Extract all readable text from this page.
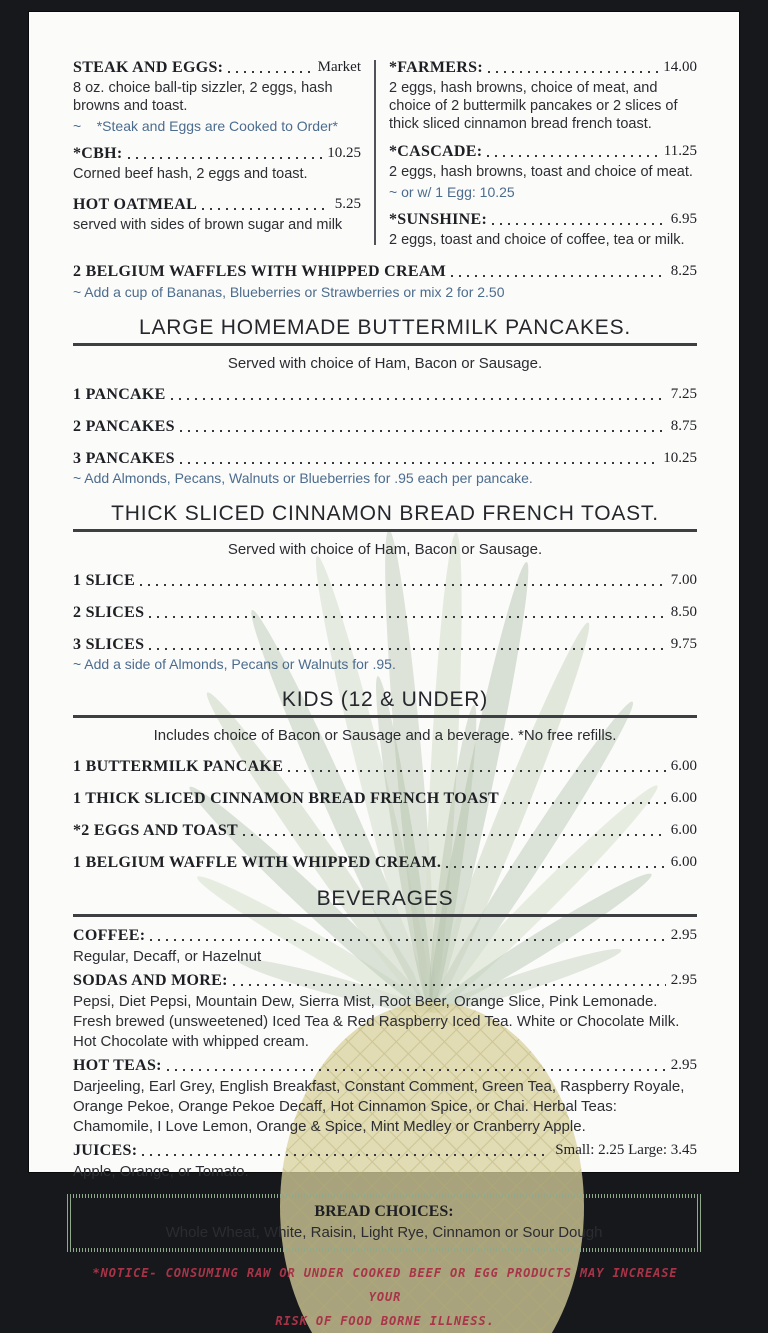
STEAK AND EGGS:	Market
8 oz. choice ball-tip sizzler, 2 eggs, hash browns and toast.
~    *Steak and Eggs are Cooked to Order*
*CBH:	10.25
Corned beef hash, 2 eggs and toast.
HOT OATMEAL	5.25
served with sides of brown sugar and milk
*FARMERS:	14.00
2 eggs, hash browns, choice of meat, and choice of 2 buttermilk pancakes or 2 slices of thick sliced cinnamon bread french toast.
*CASCADE:	11.25
2 eggs, hash browns, toast and choice of meat.
~ or w/ 1 Egg: 10.25
*SUNSHINE:	6.95
2 eggs, toast and choice of coffee, tea or milk.
2 BELGIUM WAFFLES WITH WHIPPED CREAM	8.25
~ Add a cup of Bananas, Blueberries or Strawberries or mix 2 for 2.50
LARGE HOMEMADE BUTTERMILK PANCAKES.
Served with choice of Ham, Bacon or Sausage.
1 PANCAKE	7.25
2 PANCAKES	8.75
3 PANCAKES	10.25
~ Add Almonds, Pecans, Walnuts or Blueberries for .95 each per pancake.
THICK SLICED CINNAMON BREAD FRENCH TOAST.
Served with choice of Ham, Bacon or Sausage.
1 SLICE	7.00
2 SLICES	8.50
3 SLICES	9.75
~ Add a side of Almonds, Pecans or Walnuts for .95.
KIDS (12 & UNDER)
Includes choice of Bacon or Sausage and a beverage. *No free refills.
1 BUTTERMILK PANCAKE	6.00
1 THICK SLICED CINNAMON BREAD FRENCH TOAST	6.00
*2 EGGS AND TOAST	6.00
1 BELGIUM WAFFLE WITH WHIPPED CREAM.	6.00
BEVERAGES
COFFEE:	2.95
Regular, Decaff, or Hazelnut
SODAS AND MORE:	2.95
Pepsi, Diet Pepsi, Mountain Dew, Sierra Mist, Root Beer, Orange Slice, Pink Lemonade. Fresh brewed (unsweetened) Iced Tea & Red Raspberry Iced Tea. White or Chocolate Milk. Hot Chocolate with whipped cream.
HOT TEAS:	2.95
Darjeeling, Earl Grey, English Breakfast, Constant Comment, Green Tea, Raspberry Royale, Orange Pekoe, Orange Pekoe Decaff, Hot Cinnamon Spice, or Chai. Herbal Teas: Chamomile, I Love Lemon, Orange & Spice, Mint Medley or Cranberry Apple.
JUICES:	Small: 2.25 Large: 3.45
Apple, Orange, or Tomato.
BREAD CHOICES:
Whole Wheat, White, Raisin, Light Rye, Cinnamon or Sour Dough
*NOTICE- CONSUMING RAW OR UNDER COOKED BEEF OR EGG PRODUCTS MAY INCREASE YOUR
RISK OF FOOD BORNE ILLNESS.
